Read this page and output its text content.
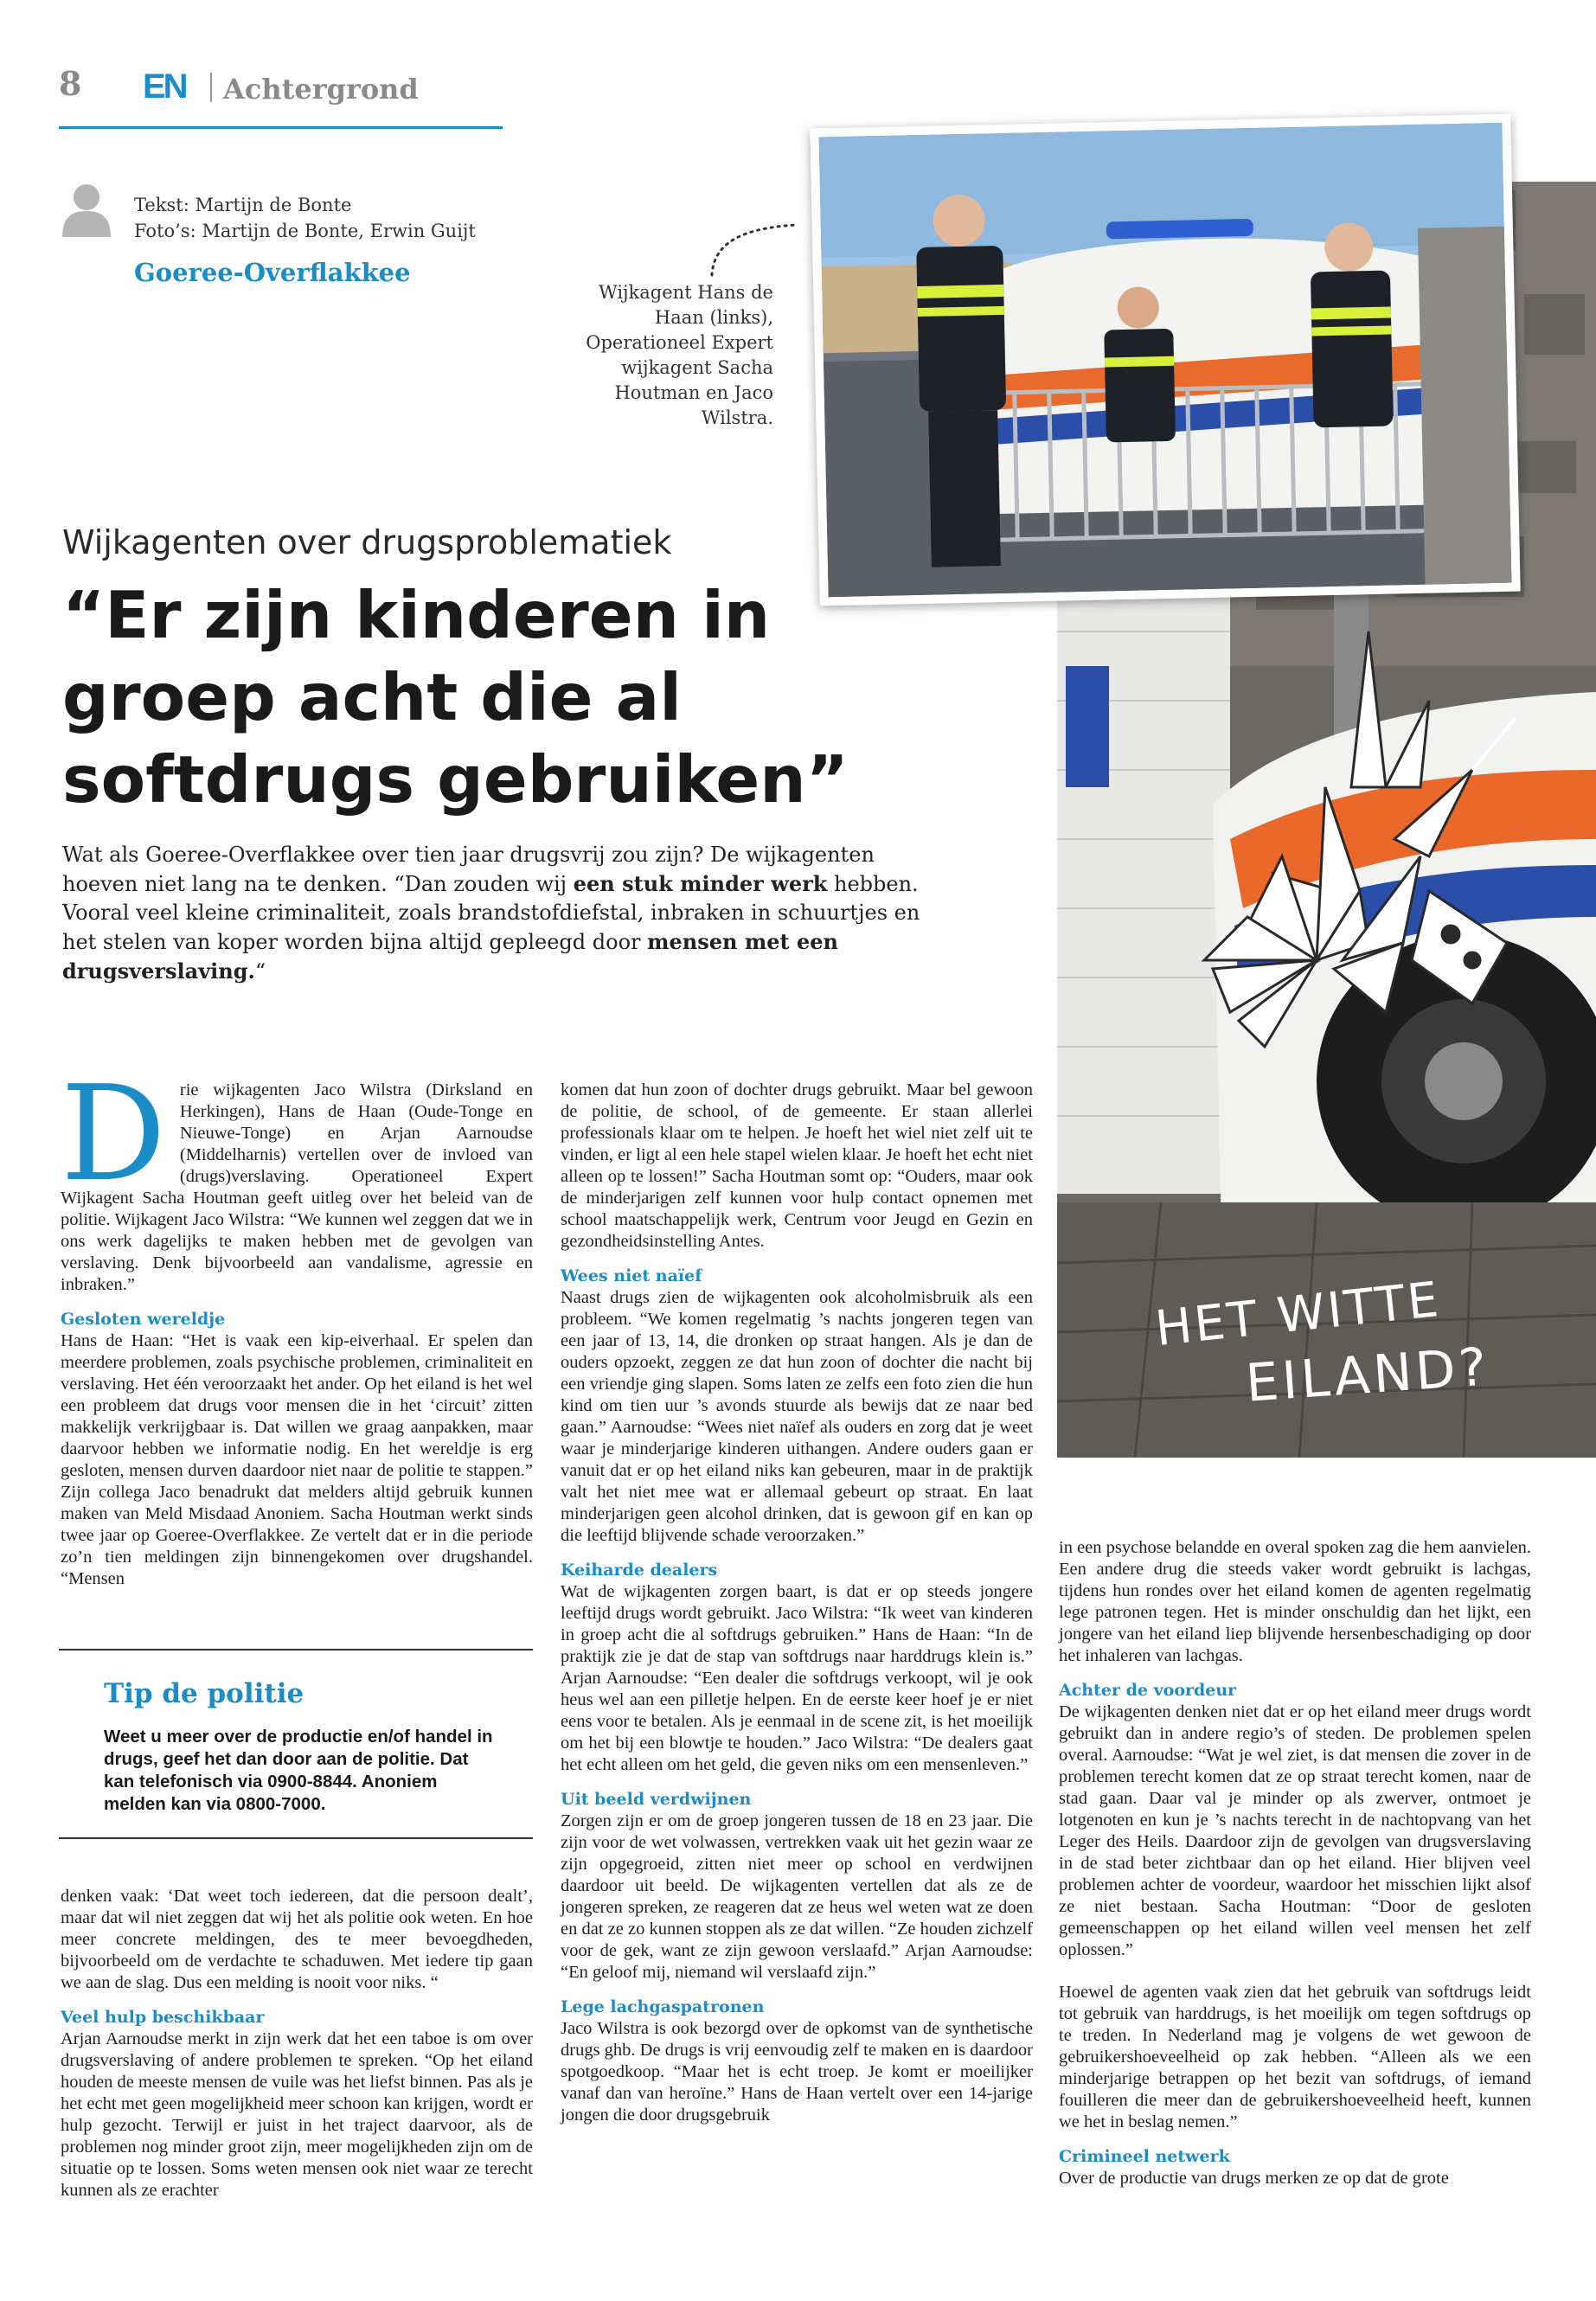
8 EN Achtergrond
Tekst: Martijn de Bonte
Foto’s: Martijn de Bonte, Erwin Guijt
Goeree-Overflakkee
Wijkagent Hans de Haan (links), Operationeel Expert wijkagent Sacha Houtman en Jaco Wilstra.
Wijkagenten over drugsproblematiek
“Er zijn kinderen in groep acht die al softdrugs gebruiken”
Wat als Goeree-Overflakkee over tien jaar drugsvrij zou zijn? De wijkagenten hoeven niet lang na te denken. “Dan zouden wij een stuk minder werk hebben. Vooral veel kleine criminaliteit, zoals brandstofdiefstal, inbraken in schuurtjes en het stelen van koper worden bijna altijd gepleegd door mensen met een drugsverslaving.“
HET WITTE
EILAND?

Drie wijkagenten Jaco Wilstra (Dirksland en Herkingen), Hans de Haan (Oude-Tonge en Nieuwe-Tonge) en Arjan Aarnoudse (Middelharnis) vertellen over de invloed van (drugs)verslaving. Operationeel Expert Wijkagent Sacha Houtman geeft uitleg over het beleid van de politie. Wijkagent Jaco Wilstra: “We kunnen wel zeggen dat we in ons werk dagelijks te maken hebben met de gevolgen van verslaving. Denk bijvoorbeeld aan vandalisme, agressie en inbraken.”

Gesloten wereldje

Hans de Haan: “Het is vaak een kip-eiverhaal. Er spelen dan meerdere problemen, zoals psychische problemen, criminaliteit en verslaving. Het één veroorzaakt het ander. Op het eiland is het wel een probleem dat drugs voor mensen die in het ‘circuit’ zitten makkelijk verkrijgbaar is. Dat willen we graag aanpakken, maar daarvoor hebben we informatie nodig. En het wereldje is erg gesloten, mensen durven daardoor niet naar de politie te stappen.” Zijn collega Jaco benadrukt dat melders altijd gebruik kunnen maken van Meld Misdaad Anoniem. Sacha Houtman werkt sinds twee jaar op Goeree-Overflakkee. Ze vertelt dat er in die periode zo’n tien meldingen zijn binnengekomen over drugshandel. “Mensen

Tip de politie
Weet u meer over de productie en/of handel in drugs, geef het dan door aan de politie. Dat kan telefonisch via 0900-8844. Anoniem melden kan via 0800-7000.

denken vaak: ‘Dat weet toch iedereen, dat die persoon dealt’, maar dat wil niet zeggen dat wij het als politie ook weten. En hoe meer concrete meldingen, des te meer bevoegdheden, bijvoorbeeld om de verdachte te schaduwen. Met iedere tip gaan we aan de slag. Dus een melding is nooit voor niks. “

Veel hulp beschikbaar

Arjan Aarnoudse merkt in zijn werk dat het een taboe is om over drugsverslaving of andere problemen te spreken. “Op het eiland houden de meeste mensen de vuile was het liefst binnen. Pas als je het echt met geen mogelijkheid meer schoon kan krijgen, wordt er hulp gezocht. Terwijl er juist in het traject daarvoor, als de problemen nog minder groot zijn, meer mogelijkheden zijn om de situatie op te lossen. Soms weten mensen ook niet waar ze terecht kunnen als ze erachter

komen dat hun zoon of dochter drugs gebruikt. Maar bel gewoon de politie, de school, of de gemeente. Er staan allerlei professionals klaar om te helpen. Je hoeft het wiel niet zelf uit te vinden, er ligt al een hele stapel wielen klaar. Je hoeft het echt niet alleen op te lossen!” Sacha Houtman somt op: “Ouders, maar ook de minderjarigen zelf kunnen voor hulp contact opnemen met school maatschappelijk werk, Centrum voor Jeugd en Gezin en gezondheidsinstelling Antes.

Wees niet naïef

Naast drugs zien de wijkagenten ook alcoholmisbruik als een probleem. “We komen regelmatig ’s nachts jongeren tegen van een jaar of 13, 14, die dronken op straat hangen. Als je dan de ouders opzoekt, zeggen ze dat hun zoon of dochter die nacht bij een vriendje ging slapen. Soms laten ze zelfs een foto zien die hun kind om tien uur ’s avonds stuurde als bewijs dat ze naar bed gaan.” Aarnoudse: “Wees niet naïef als ouders en zorg dat je weet waar je minderjarige kinderen uithangen. Andere ouders gaan er vanuit dat er op het eiland niks kan gebeuren, maar in de praktijk valt het niet mee wat er allemaal gebeurt op straat. En laat minderjarigen geen alcohol drinken, dat is gewoon gif en kan op die leeftijd blijvende schade veroorzaken.”

Keiharde dealers

Wat de wijkagenten zorgen baart, is dat er op steeds jongere leeftijd drugs wordt gebruikt. Jaco Wilstra: “Ik weet van kinderen in groep acht die al softdrugs gebruiken.” Hans de Haan: “In de praktijk zie je dat de stap van softdrugs naar harddrugs klein is.” Arjan Aarnoudse: “Een dealer die softdrugs verkoopt, wil je ook heus wel aan een pilletje helpen. En de eerste keer hoef je er niet eens voor te betalen. Als je eenmaal in de scene zit, is het moeilijk om het bij een blowtje te houden.” Jaco Wilstra: “De dealers gaat het echt alleen om het geld, die geven niks om een mensenleven.”

Uit beeld verdwijnen

Zorgen zijn er om de groep jongeren tussen de 18 en 23 jaar. Die zijn voor de wet volwassen, vertrekken vaak uit het gezin waar ze zijn opgegroeid, zitten niet meer op school en verdwijnen daardoor uit beeld. De wijkagenten vertellen dat als ze de jongeren spreken, ze reageren dat ze heus wel weten wat ze doen en dat ze zo kunnen stoppen als ze dat willen. “Ze houden zichzelf voor de gek, want ze zijn gewoon verslaafd.” Arjan Aarnoudse: “En geloof mij, niemand wil verslaafd zijn.”

Lege lachgaspatronen

Jaco Wilstra is ook bezorgd over de opkomst van de synthetische drugs ghb. De drugs is vrij eenvoudig zelf te maken en is daardoor spotgoedkoop. “Maar het is echt troep. Je komt er moeilijker vanaf dan van heroïne.” Hans de Haan vertelt over een 14-jarige jongen die door drugsgebruik

in een psychose belandde en overal spoken zag die hem aanvielen. Een andere drug die steeds vaker wordt gebruikt is lachgas, tijdens hun rondes over het eiland komen de agenten regelmatig lege patronen tegen. Het is minder onschuldig dan het lijkt, een jongere van het eiland liep blijvende hersenbeschadiging op door het inhaleren van lachgas.

Achter de voordeur

De wijkagenten denken niet dat er op het eiland meer drugs wordt gebruikt dan in andere regio’s of steden. De problemen spelen overal. Aarnoudse: “Wat je wel ziet, is dat mensen die zover in de problemen terecht komen dat ze op straat terecht komen, naar de stad gaan. Daar val je minder op als zwerver, ontmoet je lotgenoten en kun je ’s nachts terecht in de nachtopvang van het Leger des Heils. Daardoor zijn de gevolgen van drugsverslaving in de stad beter zichtbaar dan op het eiland. Hier blijven veel problemen achter de voordeur, waardoor het misschien lijkt alsof ze niet bestaan. Sacha Houtman: “Door de gesloten gemeenschappen op het eiland willen veel mensen het zelf oplossen.”

Hoewel de agenten vaak zien dat het gebruik van softdrugs leidt tot gebruik van harddrugs, is het moeilijk om tegen softdrugs op te treden. In Nederland mag je volgens de wet gewoon de gebruikershoeveelheid op zak hebben. “Alleen als we een minderjarige betrappen op het bezit van softdrugs, of iemand fouilleren die meer dan de gebruikershoeveelheid heeft, kunnen we het in beslag nemen.”

Crimineel netwerk

Over de productie van drugs merken ze op dat de grote
